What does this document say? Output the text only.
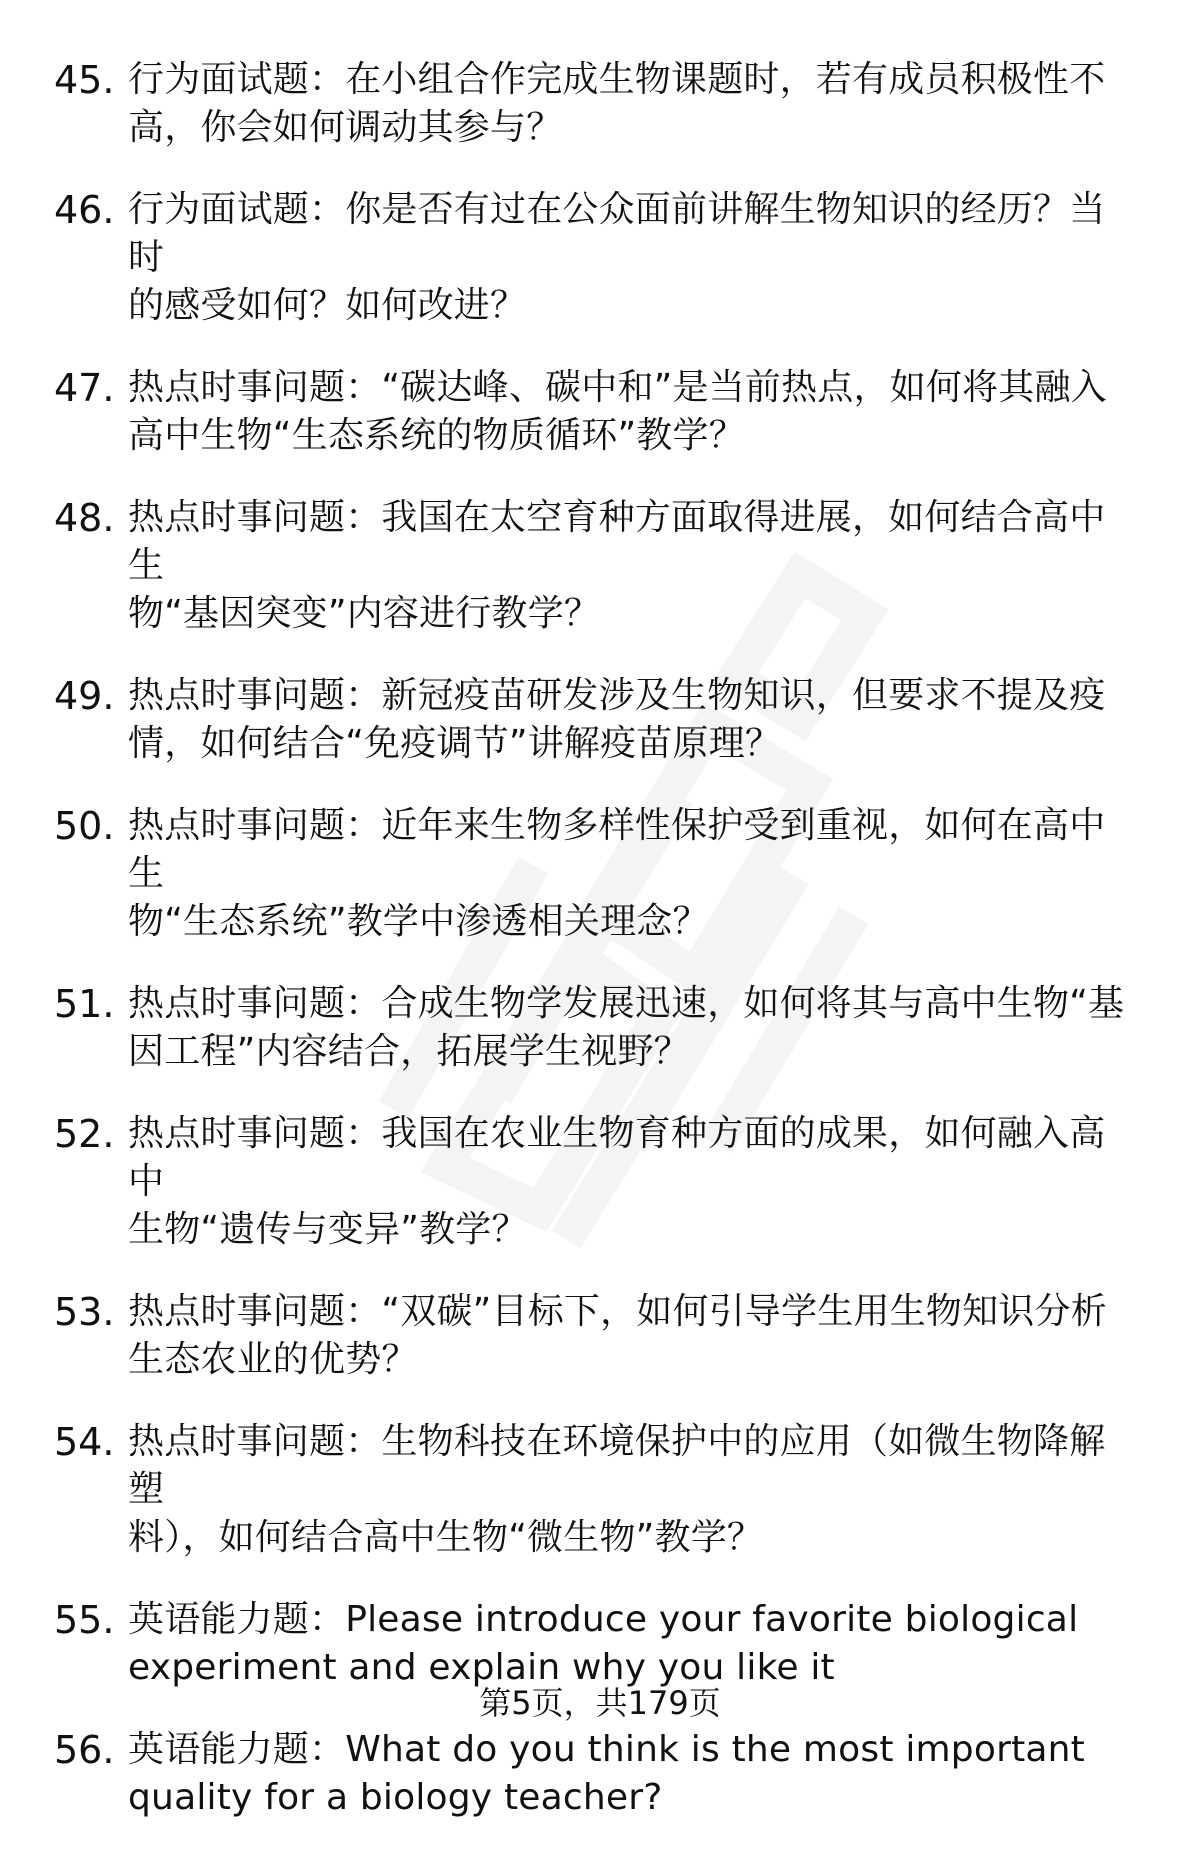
45. 行为面试题：在小组合作完成生物课题时，若有成员积极性不
高，你会如何调动其参与？
46. 行为面试题：你是否有过在公众面前讲解生物知识的经历？当时
的感受如何？如何改进？
47. 热点时事问题：“碳达峰、碳中和”是当前热点，如何将其融入
高中生物“生态系统的物质循环”教学？
48. 热点时事问题：我国在太空育种方面取得进展，如何结合高中生
物“基因突变”内容进行教学？
49. 热点时事问题：新冠疫苗研发涉及生物知识，但要求不提及疫
情，如何结合“免疫调节”讲解疫苗原理？
50. 热点时事问题：近年来生物多样性保护受到重视，如何在高中生
物“生态系统”教学中渗透相关理念？
51. 热点时事问题：合成生物学发展迅速，如何将其与高中生物“基
因工程”内容结合，拓展学生视野？
52. 热点时事问题：我国在农业生物育种方面的成果，如何融入高中
生物“遗传与变异”教学？
53. 热点时事问题：“双碳”目标下，如何引导学生用生物知识分析
生态农业的优势？
54. 热点时事问题：生物科技在环境保护中的应用（如微生物降解塑
料），如何结合高中生物“微生物”教学？
55. 英语能力题：Please introduce your favorite biological
experiment and explain why you like it
56. 英语能力题：What do you think is the most important
quality for a biology teacher?
第5页，共179页
